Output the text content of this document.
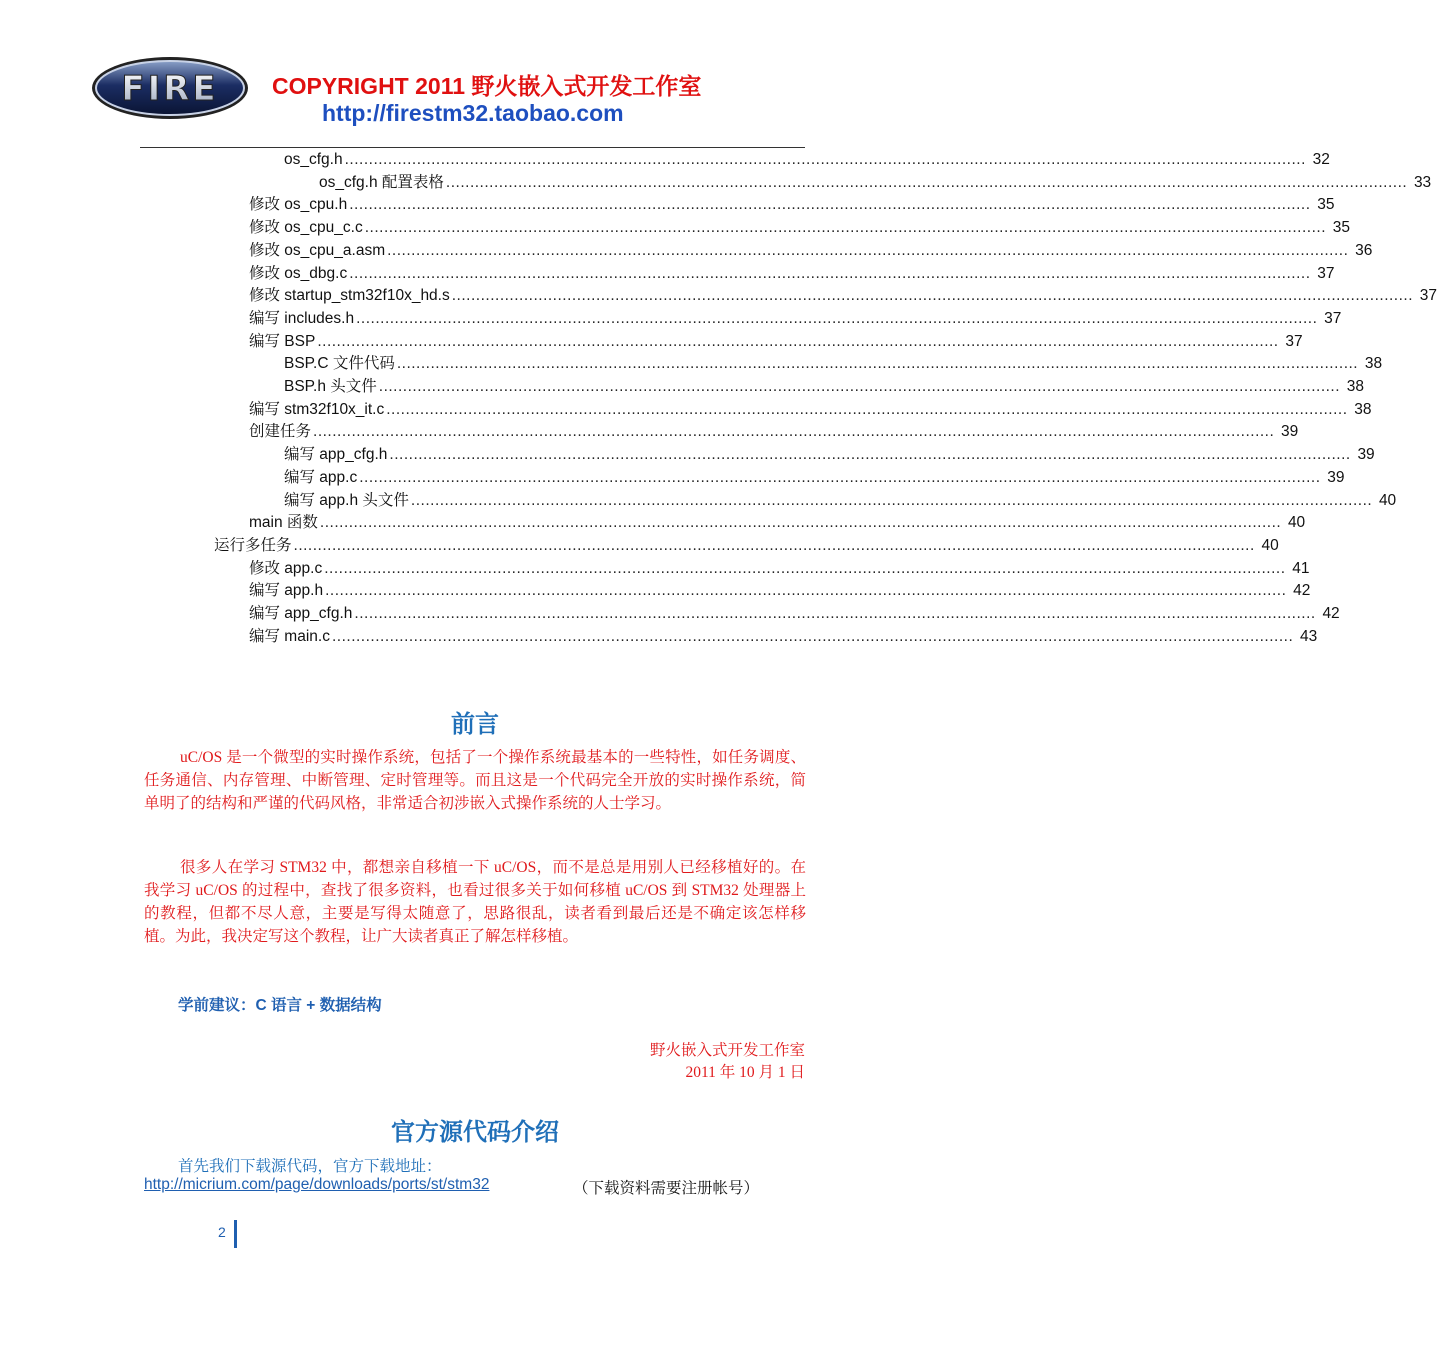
FIRE COPYRIGHT 2011 野火嵌入式开发工作室
http://firestm32.taobao.com
os_cfg.h ........................................................................................................................................................................................................ 32
os_cfg.h 配置表格 ........................................................................................................................................................................................................ 33
修改 os_cpu.h ........................................................................................................................................................................................................ 35
修改 os_cpu_c.c ........................................................................................................................................................................................................ 35
修改 os_cpu_a.asm ........................................................................................................................................................................................................ 36
修改 os_dbg.c ........................................................................................................................................................................................................ 37
修改 startup_stm32f10x_hd.s ........................................................................................................................................................................................................ 37
编写 includes.h ........................................................................................................................................................................................................ 37
编写 BSP ........................................................................................................................................................................................................ 37
BSP.C 文件代码 ........................................................................................................................................................................................................ 38
BSP.h 头文件 ........................................................................................................................................................................................................ 38
编写 stm32f10x_it.c ........................................................................................................................................................................................................ 38
创建任务 ........................................................................................................................................................................................................ 39
编写 app_cfg.h ........................................................................................................................................................................................................ 39
编写 app.c ........................................................................................................................................................................................................ 39
编写 app.h 头文件 ........................................................................................................................................................................................................ 40
main 函数 ........................................................................................................................................................................................................ 40
运行多任务 ........................................................................................................................................................................................................ 40
修改 app.c ........................................................................................................................................................................................................ 41
编写 app.h ........................................................................................................................................................................................................ 42
编写 app_cfg.h ........................................................................................................................................................................................................ 42
编写 main.c ........................................................................................................................................................................................................ 43
前言
uC/OS 是一个微型的实时操作系统，包括了一个操作系统最基本的一些特性，如任务调度、任务通信、内存管理、中断管理、定时管理等。而且这是一个代码完全开放的实时操作系统，简单明了的结构和严谨的代码风格，非常适合初涉嵌入式操作系统的人士学习。
很多人在学习 STM32 中，都想亲自移植一下 uC/OS，而不是总是用别人已经移植好的。在我学习 uC/OS 的过程中，查找了很多资料，也看过很多关于如何移植 uC/OS 到 STM32 处理器上的教程，但都不尽人意，主要是写得太随意了，思路很乱，读者看到最后还是不确定该怎样移植。为此，我决定写这个教程，让广大读者真正了解怎样移植。
学前建议：C 语言 + 数据结构
野火嵌入式开发工作室
2011 年 10 月 1 日
官方源代码介绍
首先我们下载源代码，官方下载地址：
http://micrium.com/page/downloads/ports/st/stm32	（下载资料需要注册帐号）
2
